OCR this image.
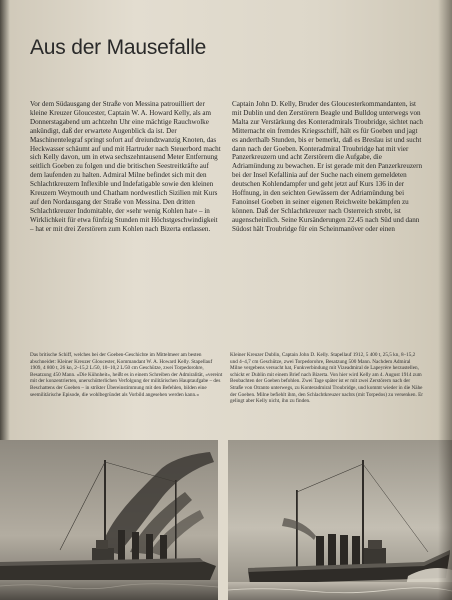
Aus der Mausefalle

Vor dem Südausgang der Straße von Messina patrouilliert der kleine Kreuzer Gloucester, Captain W. A. Howard Kelly, als am Donnerstagabend um achtzehn Uhr eine mächtige Rauchwolke ankündigt, daß der erwartete Augenblick da ist. Der Maschinentelegraf springt sofort auf dreiundzwanzig Knoten, das Heckwasser schäumt auf und mit Hartruder nach Steuerbord macht sich Kelly davon, um in etwa sechszehntausend Meter Entfernung seitlich Goeben zu folgen und die britischen Seestreitkräfte auf dem laufenden zu halten. Admiral Milne befindet sich mit den Schlachtkreuzern Inflexible und Indefatigable sowie den kleinen Kreuzern Weymouth und Chatham nordwestlich Sizilien mit Kurs auf den Nordausgang der Straße von Messina. Den dritten Schlachtkreuzer Indomitable, der »sehr wenig Kohlen hat« – in Wirklichkeit für etwa fünfzig Stunden mit Höchstgeschwindigkeit – hat er mit drei Zerstörern zum Kohlen nach Bizerta entlassen.

Captain John D. Kelly, Bruder des Gloucesterkommandanten, ist mit Dublin und den Zerstörern Beagle und Bulldog unterwegs von Malta zur Verstärkung des Konteradmirals Troubridge, sichtet nach Mitternacht ein fremdes Kriegsschiff, hält es für Goeben und jagt es anderthalb Stunden, bis er bemerkt, daß es Breslau ist und sucht dann nach der Goeben. Konteradmiral Troubridge hat mit vier Panzerkreuzern und acht Zerstörern die Aufgabe, die Adriamündung zu bewachen. Er ist gerade mit den Panzerkreuzern bei der Insel Kefallinia auf der Suche nach einem gemeldeten deutschen Kohlendampfer und geht jetzt auf Kurs 136 in der Hoffnung, in den seichten Gewässern der Adriamündung bei Fanoinsel Goeben in seiner eigenen Reichweite bekämpfen zu können. Daß der Schlachtkreuzer nach Osterreich strebt, ist augenscheinlich. Seine Kursänderungen 22.45 nach Süd und dann Südost hält Troubridge für ein Scheinmanöver oder einen

Das britische Schiff, welches bei der Goeben-Geschichte im Mittelmeer am besten abschneidet: Kleiner Kreuzer Gloucester, Kommandant W. A. Howard Kelly. Stapellauf 1909, 4 800 t, 26 kn, 2–15,2 L/50, 10–10,2 L/50 cm Geschütze, zwei Torpedorohre, Besatzung 450 Mann. »Die Kühnheit«, heißt es in einem Schreiben der Admiralität, »vereint mit der konzentrierten, unerschütterlichen Verfolgung der militärischen Hauptaufgabe – des Beschattens der Goeben – in strikter Übereinstimmung mit den Befehlen, bilden eine seemilitärische Episode, die wohlbegründet als Vorbild angesehen werden kann.«
Kleiner Kreuzer Dublin, Captain John D. Kelly. Stapellauf 1912, 5 400 t, 25,5 kn, 8–15,2 und 4–4,7 cm Geschütze, zwei Torpedorohre, Besatzung 500 Mann. Nachdem Admiral Milne vergebens versucht hat, Funkverbindung mit Vizeadmiral de Lapeyrère herzustellen, schickt er Dublin mit einem Brief nach Bizerta. Von hier wird Kelly am 4. August 1914 zum Beobachten der Goeben befohlen. Zwei Tage später ist er mit zwei Zerstörern nach der Straße von Otranto unterwegs, zu Konteradmiral Troubridge, und kommt wieder in die Nähe der Goeben. Milne befiehlt ihm, den Schlachtkreuzer nachts (mit Torpedos) zu versenken. Er gelingt aber Kelly nicht, ihn zu finden.
